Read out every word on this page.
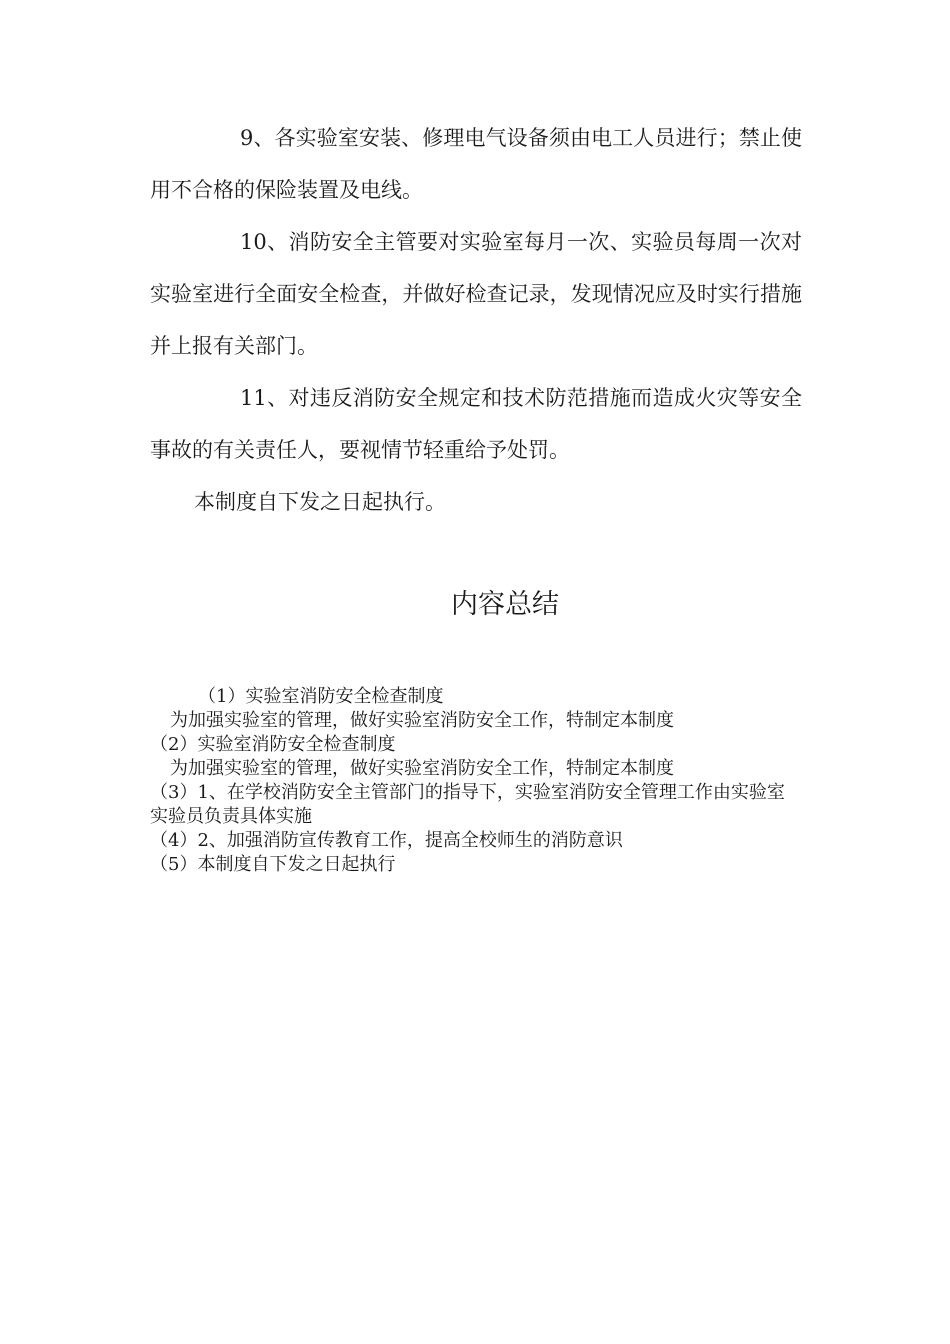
9、各实验室安装、修理电气设备须由电工人员进行；禁止使用不合格的保险装置及电线。

10、消防安全主管要对实验室每月一次、实验员每周一次对实验室进行全面安全检查，并做好检查记录，发现情况应及时实行措施并上报有关部门。

11、对违反消防安全规定和技术防范措施而造成火灾等安全事故的有关责任人，要视情节轻重给予处罚。

本制度自下发之日起执行。

内容总结
（1）实验室消防安全检查制度
为加强实验室的管理，做好实验室消防安全工作，特制定本制度
（2）实验室消防安全检查制度
为加强实验室的管理，做好实验室消防安全工作，特制定本制度
（3）1、在学校消防安全主管部门的指导下，实验室消防安全管理工作由实验室实验员负责具体实施
（4）2、加强消防宣传教育工作，提高全校师生的消防意识
（5）本制度自下发之日起执行
